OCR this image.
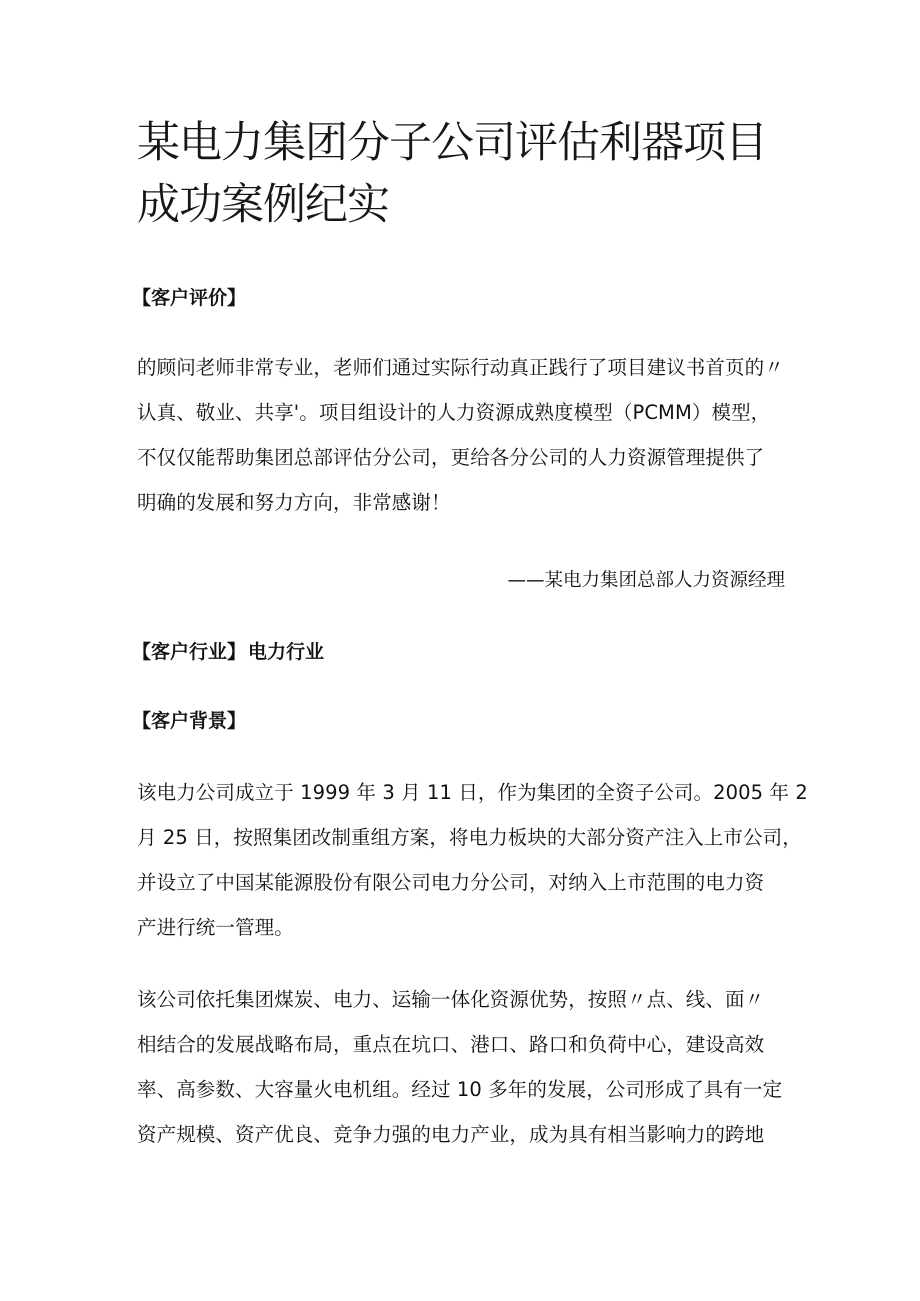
某电力集团分子公司评估利器项目
成功案例纪实
【客户评价】
的顾问老师非常专业，老师们通过实际行动真正践行了项目建议书首页的〃
认真、敬业、共享'。项目组设计的人力资源成熟度模型（PCMM）模型，
不仅仅能帮助集团总部评估分公司，更给各分公司的人力资源管理提供了
明确的发展和努力方向，非常感谢！

——某电力集团总部人力资源经理

【客户行业】 电力行业
【客户背景】
该电力公司成立于 1999 年 3 月 11 日，作为集团的全资子公司。2005 年 2
月 25 日，按照集团改制重组方案，将电力板块的大部分资产注入上市公司，
并设立了中国某能源股份有限公司电力分公司，对纳入上市范围的电力资
产进行统一管理。
该公司依托集团煤炭、电力、运输一体化资源优势，按照〃点、线、面〃
相结合的发展战略布局，重点在坑口、港口、路口和负荷中心，建设高效
率、高参数、大容量火电机组。经过 10 多年的发展，公司形成了具有一定
资产规模、资产优良、竞争力强的电力产业，成为具有相当影响力的跨地
